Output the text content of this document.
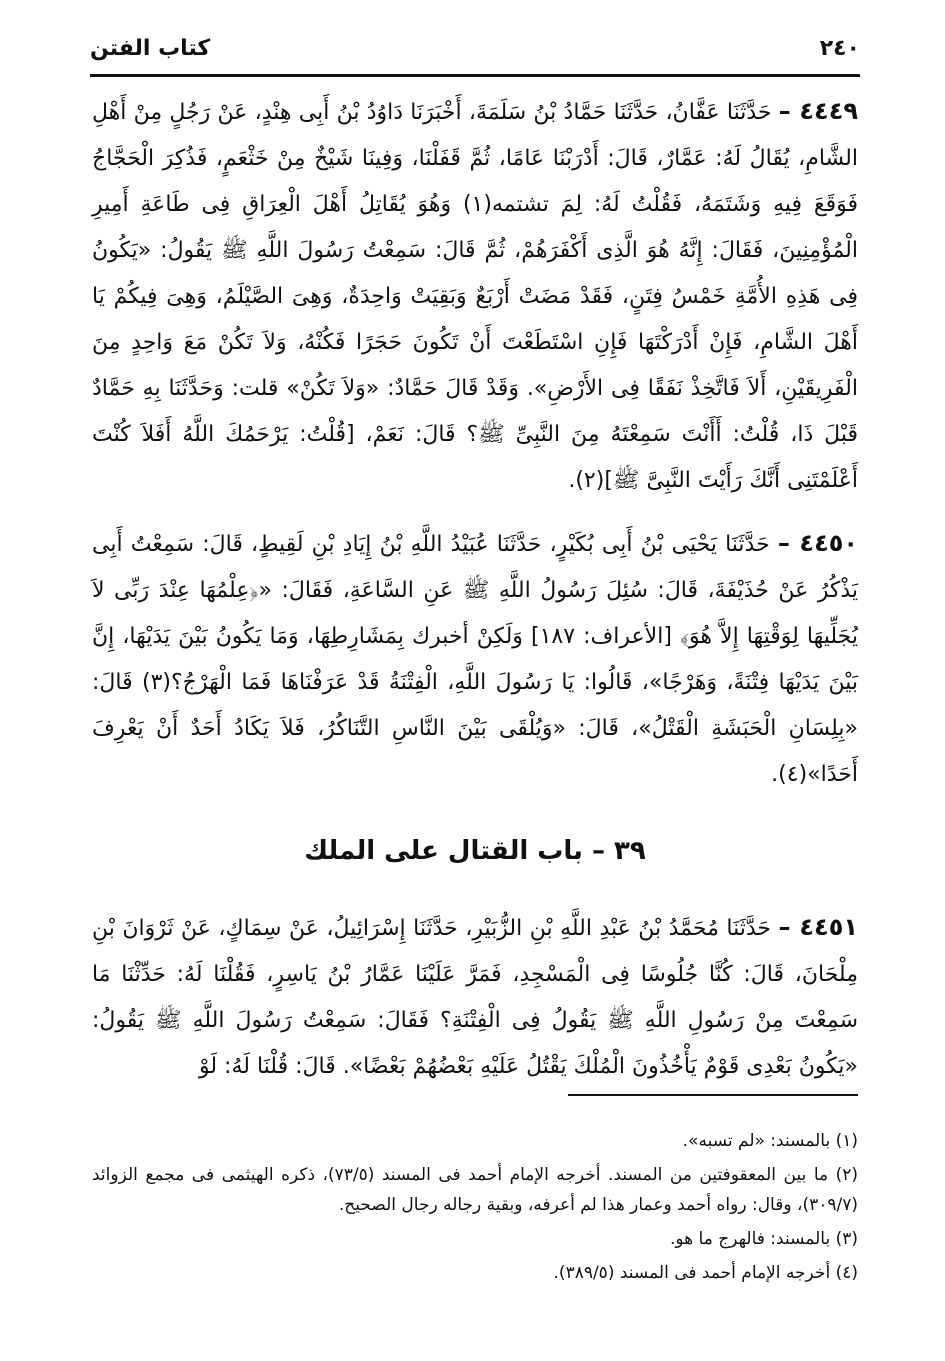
٢٤٠
كتاب الفتن
٤٤٤٩ – حَدَّثَنَا عَفَّانُ، حَدَّثَنَا حَمَّادُ بْنُ سَلَمَةَ، أَخْبَرَنَا دَاوُدُ بْنُ أَبِى هِنْدٍ، عَنْ رَجُلٍ مِنْ أَهْلِ الشَّامِ، يُقَالُ لَهُ: عَمَّارٌ، قَالَ: أَدْرَبْنَا عَامًا، ثُمَّ قَفَلْنَا، وَفِينَا شَيْخٌ مِنْ خَثْعَمٍ، فَذُكِرَ الْحَجَّاجُ فَوَقَعَ فِيهِ وَشَتَمَهُ، فَقُلْتُ لَهُ: لِمَ تشتمه(١) وَهُوَ يُقَاتِلُ أَهْلَ الْعِرَاقِ فِى طَاعَةِ أَمِيرِ الْمُؤْمِنِينَ، فَقَالَ: إِنَّهُ هُوَ الَّذِى أَكْفَرَهُمْ، ثُمَّ قَالَ: سَمِعْتُ رَسُولَ اللَّهِ ﷺ يَقُولُ: «يَكُونُ فِى هَذِهِ الأُمَّةِ خَمْسُ فِتَنٍ، فَقَدْ مَضَتْ أَرْبَعٌ وَبَقِيَتْ وَاحِدَةٌ، وَهِىَ الصَّيْلَمُ، وَهِىَ فِيكُمْ يَا أَهْلَ الشَّامِ، فَإِنْ أَدْرَكْتَهَا فَإِنِ اسْتَطَعْتَ أَنْ تَكُونَ حَجَرًا فَكُنْهُ، وَلاَ تَكُنْ مَعَ وَاحِدٍ مِنَ الْفَرِيقَيْنِ، أَلاَ فَاتَّخِذْ نَفَقًا فِى الأَرْضِ». وَقَدْ قَالَ حَمَّادٌ: «وَلاَ تَكُنْ» قلت: وَحَدَّثَنَا بِهِ حَمَّادٌ قَبْلَ ذَا، قُلْتُ: أَأَنْتَ سَمِعْتَهُ مِنَ النَّبِىِّ ﷺ؟ قَالَ: نَعَمْ، [قُلْتُ: يَرْحَمُكَ اللَّهُ أَفَلاَ كُنْتَ أَعْلَمْتَنِى أَنَّكَ رَأَيْتَ النَّبِىَّ ﷺ](٢).
٤٤٥٠ – حَدَّثَنَا يَحْيَى بْنُ أَبِى بُكَيْرٍ، حَدَّثَنَا عُبَيْدُ اللَّهِ بْنُ إِيَادِ بْنِ لَقِيطٍ، قَالَ: سَمِعْتُ أَبِى يَذْكُرُ عَنْ حُذَيْفَةَ، قَالَ: سُئِلَ رَسُولُ اللَّهِ ﷺ عَنِ السَّاعَةِ، فَقَالَ: «﴿عِلْمُهَا عِنْدَ رَبِّى لاَ يُجَلِّيهَا لِوَقْتِهَا إِلاَّ هُوَ﴾ [الأعراف: ١٨٧] وَلَكِنْ أخبرك بِمَشَارِطِهَا، وَمَا يَكُونُ بَيْنَ يَدَيْهَا، إِنَّ بَيْنَ يَدَيْهَا فِتْنَةً، وَهَرْجًا»، قَالُوا: يَا رَسُولَ اللَّهِ، الْفِتْنَةُ قَدْ عَرَفْنَاهَا فَمَا الْهَرْجُ؟(٣) قَالَ: «بِلِسَانِ الْحَبَشَةِ الْقَتْلُ»، قَالَ: «وَيُلْقَى بَيْنَ النَّاسِ التَّنَاكُرُ، فَلاَ يَكَادُ أَحَدٌ أَنْ يَعْرِفَ أَحَدًا»(٤).
٣٩ – باب القتال على الملك
٤٤٥١ – حَدَّثَنَا مُحَمَّدُ بْنُ عَبْدِ اللَّهِ بْنِ الزُّبَيْرِ، حَدَّثَنَا إِسْرَائِيلُ، عَنْ سِمَاكٍ، عَنْ ثَرْوَانَ بْنِ مِلْحَانَ، قَالَ: كُنَّا جُلُوسًا فِى الْمَسْجِدِ، فَمَرَّ عَلَيْنَا عَمَّارُ بْنُ يَاسِرٍ، فَقُلْنَا لَهُ: حَدِّثْنَا مَا سَمِعْتَ مِنْ رَسُولِ اللَّهِ ﷺ يَقُولُ فِى الْفِتْنَةِ؟ فَقَالَ: سَمِعْتُ رَسُولَ اللَّهِ ﷺ يَقُولُ: «يَكُونُ بَعْدِى قَوْمٌ يَأْخُذُونَ الْمُلْكَ يَقْتُلُ عَلَيْهِ بَعْضُهُمْ بَعْضًا». قَالَ: قُلْنَا لَهُ: لَوْ

(١) بالمسند: «لم تسبه».

(٢) ما بين المعقوفتين من المسند. أخرجه الإمام أحمد فى المسند (٧٣/٥)، ذكره الهيثمى فى مجمع الزوائد (٣٠٩/٧)، وقال: رواه أحمد وعمار هذا لم أعرفه، وبقية رجاله رجال الصحيح.

(٣) بالمسند: فالهرج ما هو.

(٤) أخرجه الإمام أحمد فى المسند (٣٨٩/٥).
